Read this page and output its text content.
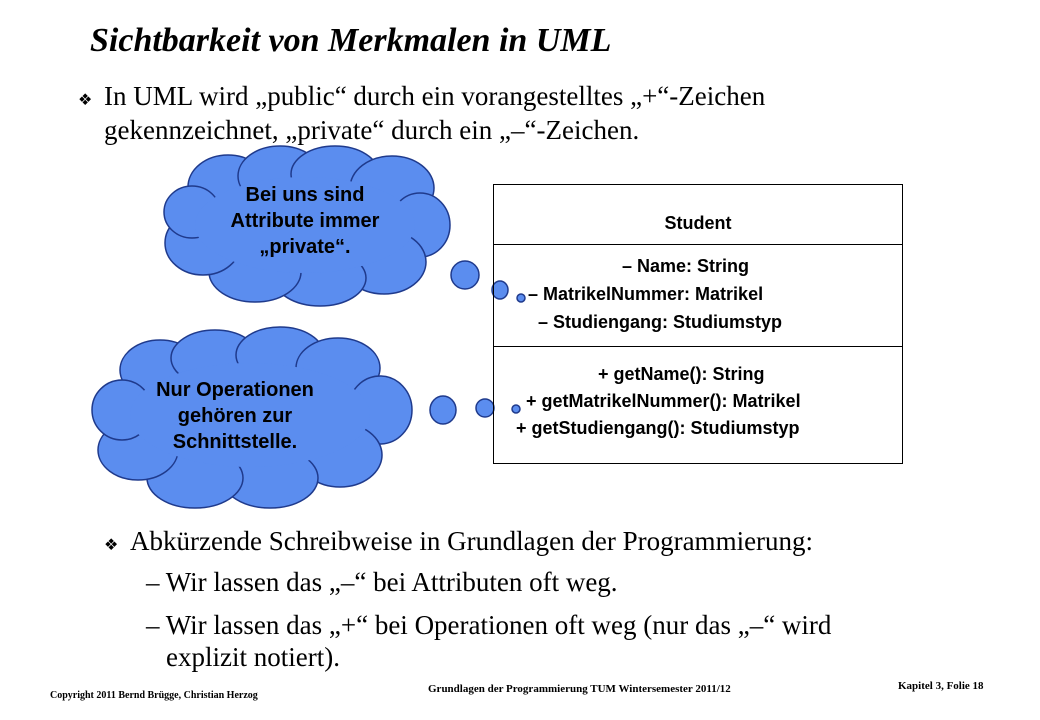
Sichtbarkeit von Merkmalen in UML
❖ In UML wird „public“ durch ein vorangestelltes „+“-Zeichen
gekennzeichnet, „private“ durch ein „–“-Zeichen.
Bei uns sind
Attribute immer
„private“.
Nur Operationen
gehören zur
Schnittstelle.
Student
– Name: String
– MatrikelNummer: Matrikel
– Studiengang: Studiumstyp
+ getName(): String
+ getMatrikelNummer(): Matrikel
+ getStudiengang(): Studiumstyp
❖ Abkürzende Schreibweise in Grundlagen der Programmierung:
– Wir lassen das „–“ bei Attributen oft weg.
– Wir lassen das „+“ bei Operationen oft weg (nur das „–“ wird
explizit notiert).
Copyright 2011 Bernd Brügge, Christian Herzog
Grundlagen der Programmierung TUM Wintersemester 2011/12	Kapitel 3, Folie 18
